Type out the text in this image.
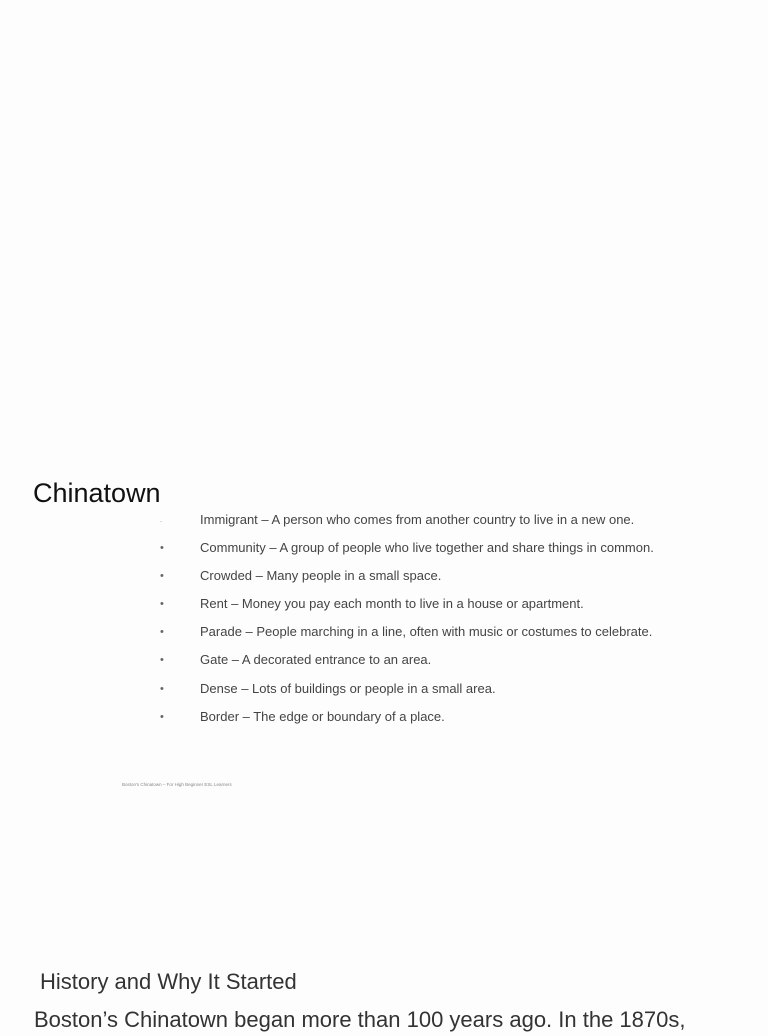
Chinatown
.	Immigrant – A person who comes from another country to live in a new one.
•	Community – A group of people who live together and share things in common.
•	Crowded – Many people in a small space.
•	Rent – Money you pay each month to live in a house or apartment.
•	Parade – People marching in a line, often with music or costumes to celebrate.
•	Gate – A decorated entrance to an area.
•	Dense – Lots of buildings or people in a small area.
•	Border – The edge or boundary of a place.
Boston's Chinatown – For High Beginner ESL Learners
History and Why It Started

Boston’s Chinatown began more than 100 years ago. In the 1870s,
